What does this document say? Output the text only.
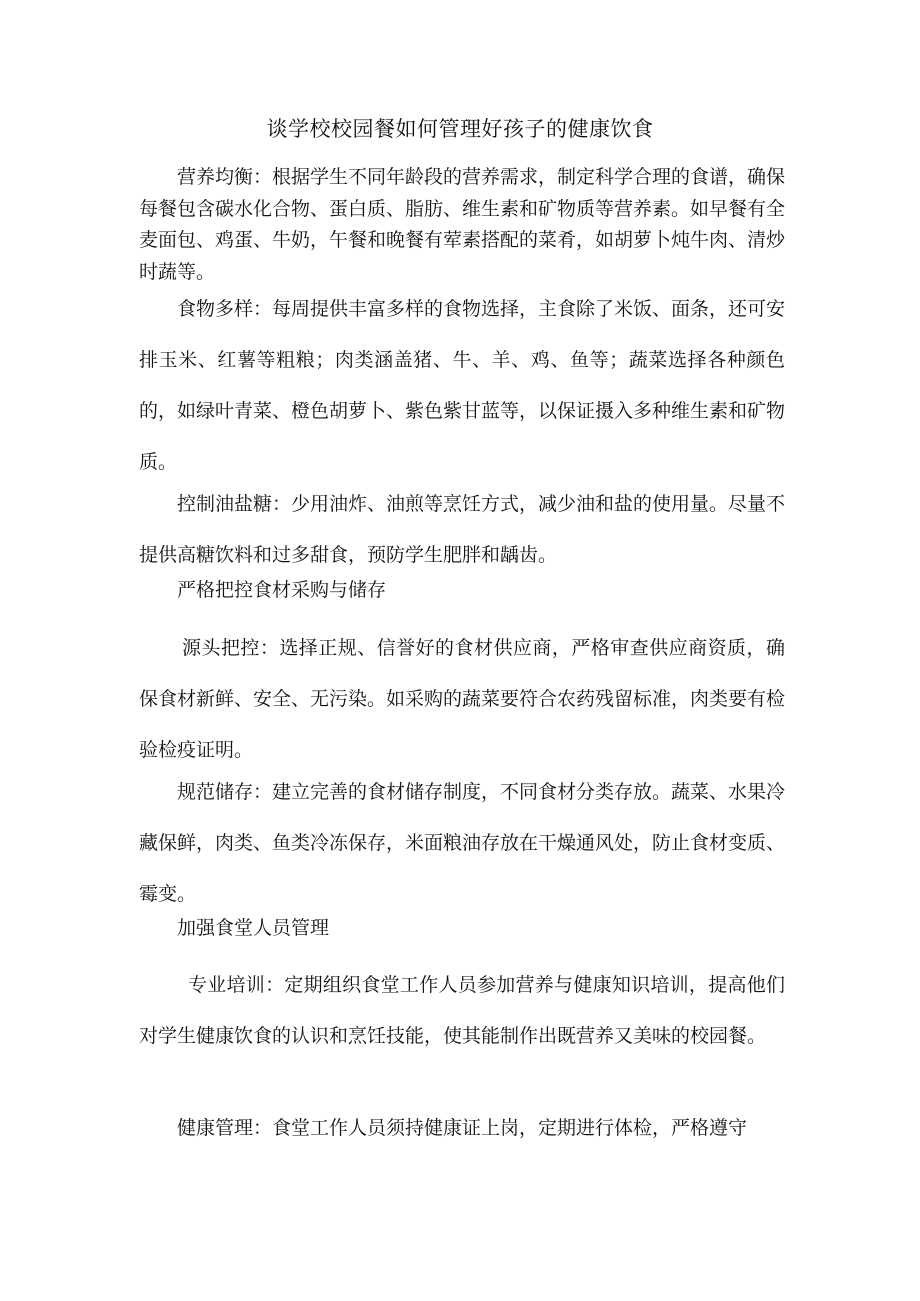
谈学校校园餐如何管理好孩子的健康饮食
营养均衡：根据学生不同年龄段的营养需求，制定科学合理的食谱，确保每餐包含碳水化合物、蛋白质、脂肪、维生素和矿物质等营养素。如早餐有全麦面包、鸡蛋、牛奶，午餐和晚餐有荤素搭配的菜肴，如胡萝卜炖牛肉、清炒时蔬等。
食物多样：每周提供丰富多样的食物选择，主食除了米饭、面条，还可安排玉米、红薯等粗粮；肉类涵盖猪、牛、羊、鸡、鱼等；蔬菜选择各种颜色的，如绿叶青菜、橙色胡萝卜、紫色紫甘蓝等，以保证摄入多种维生素和矿物质。
控制油盐糖：少用油炸、油煎等烹饪方式，减少油和盐的使用量。尽量不提供高糖饮料和过多甜食，预防学生肥胖和龋齿。
严格把控食材采购与储存
源头把控：选择正规、信誉好的食材供应商，严格审查供应商资质，确保食材新鲜、安全、无污染。如采购的蔬菜要符合农药残留标准，肉类要有检验检疫证明。
规范储存：建立完善的食材储存制度，不同食材分类存放。蔬菜、水果冷藏保鲜，肉类、鱼类冷冻保存，米面粮油存放在干燥通风处，防止食材变质、霉变。
加强食堂人员管理
专业培训：定期组织食堂工作人员参加营养与健康知识培训，提高他们对学生健康饮食的认识和烹饪技能，使其能制作出既营养又美味的校园餐。
健康管理：食堂工作人员须持健康证上岗，定期进行体检，严格遵守
